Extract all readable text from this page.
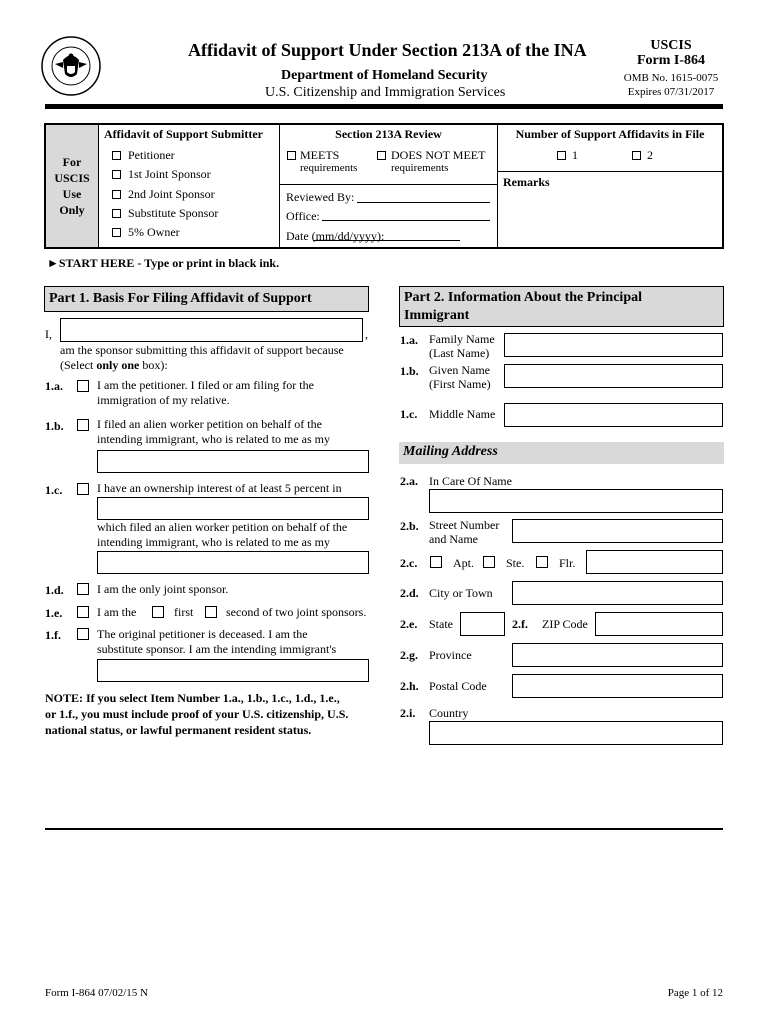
Affidavit of Support Under Section 213A of the INA
Department of Homeland Security
U.S. Citizenship and Immigration Services
USCIS
Form I-864
OMB No. 1615-0075
Expires 07/31/2017
For
USCIS
Use
Only
Affidavit of Support Submitter
Petitioner
1st Joint Sponsor
2nd Joint Sponsor
Substitute Sponsor
5% Owner
Section 213A Review
MEETS
requirements
DOES NOT MEET
requirements
Reviewed By:
Office:
Date (mm/dd/yyyy):
Number of Support Affidavits in File
1	2
Remarks
►START HERE - Type or print in black ink.
Part 1. Basis For Filing Affidavit of Support
I,	,
am the sponsor submitting this affidavit of support because
(Select only one box):
1.a.	I am the petitioner. I filed or am filing for the
immigration of my relative.
1.b.	I filed an alien worker petition on behalf of the
intending immigrant, who is related to me as my
1.c.	I have an ownership interest of at least 5 percent in
which filed an alien worker petition on behalf of the
intending immigrant, who is related to me as my
1.d.	I am the only joint sponsor.
1.e.	I am the	first	second of two joint sponsors.
1.f.	The original petitioner is deceased. I am the
substitute sponsor. I am the intending immigrant's
NOTE: If you select Item Number 1.a., 1.b., 1.c., 1.d., 1.e.,
or 1.f., you must include proof of your U.S. citizenship, U.S.
national status, or lawful permanent resident status.
Part 2. Information About the Principal
Immigrant
1.a. Family Name
(Last Name)
1.b. Given Name
(First Name)
1.c. Middle Name
Mailing Address
2.a. In Care Of Name
2.b. Street Number
and Name
2.c.	Apt.	Ste.	Flr.
2.d. City or Town
2.e. State	2.f. ZIP Code
2.g. Province
2.h. Postal Code
2.i. Country
Form I-864 07/02/15 N	Page 1 of 12
